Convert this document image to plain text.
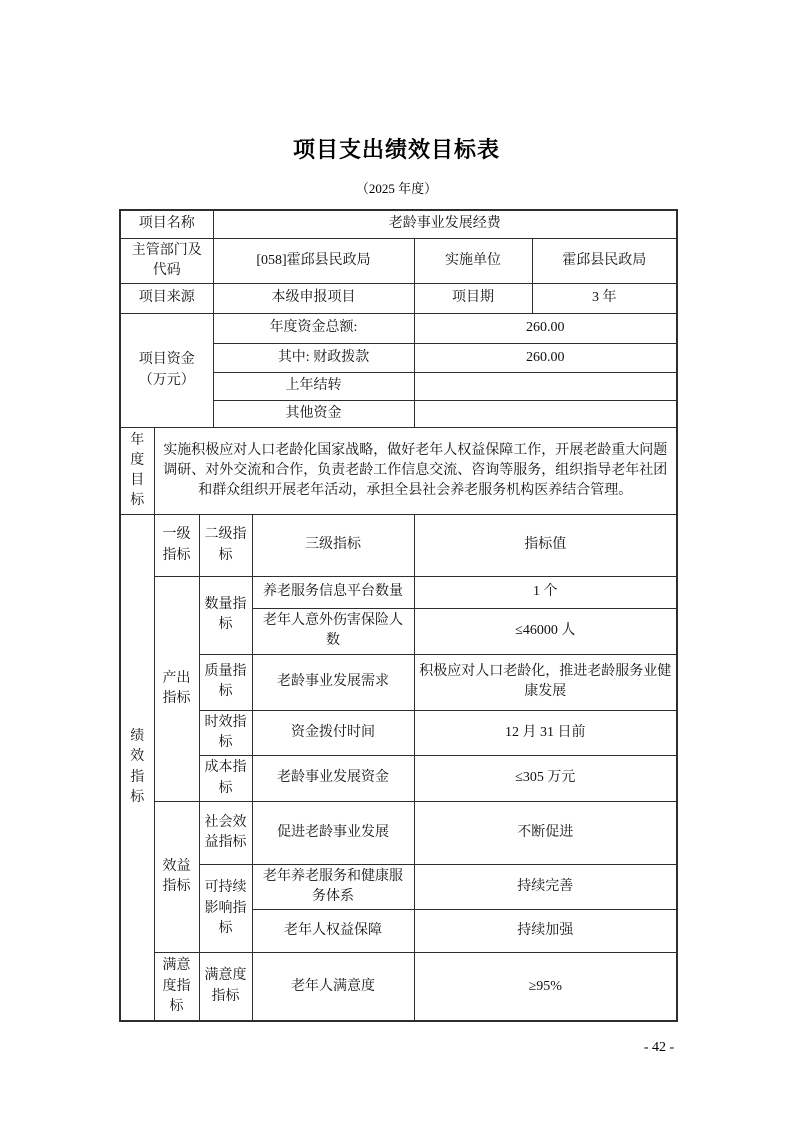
项目支出绩效目标表
（2025 年度）
项目名称			老龄事业发展经费			
主管部门及代码			[058]霍邱县民政局		实施单位	霍邱县民政局
项目来源			本级申报项目		项目期	3 年
项目资金（万元）			年度资金总额:		260.00	
			其中: 财政拨款		260.00	
			上年结转			
			其他资金			
年度目标	实施积极应对人口老龄化国家战略，做好老年人权益保障工作，开展老龄重大问题调研、对外交流和合作，负责老龄工作信息交流、咨询等服务，组织指导老年社团和群众组织开展老年活动，承担全县社会养老服务机构医养结合管理。					
绩效指标	一级指标	二级指标		三级指标	指标值	
	产出指标	数量指标		养老服务信息平台数量	1 个	
				老年人意外伤害保险人数	≤46000 人	
		质量指标		老龄事业发展需求	积极应对人口老龄化，推进老龄服务业健康发展	
		时效指标		资金拨付时间	12 月 31 日前	
		成本指标		老龄事业发展资金	≤305 万元	
	效益指标	社会效益指标		促进老龄事业发展	不断促进	
		可持续影响指标		老年养老服务和健康服务体系	持续完善	
				老年人权益保障	持续加强	
	满意度指标	满意度指标		老年人满意度	≥95%	
- 42 -
